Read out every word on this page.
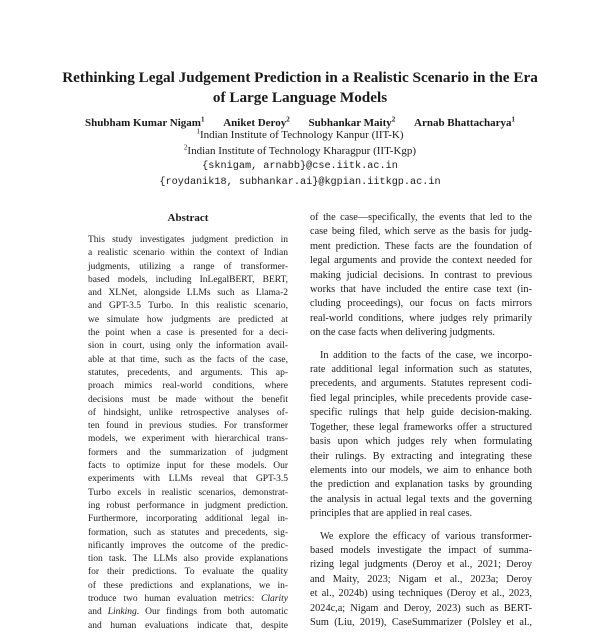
Rethinking Legal Judgement Prediction in a Realistic Scenario in the Era
of Large Language Models
Shubham Kumar Nigam$^1$ Aniket Deroy$^2$ Subhankar Maity$^2$ Arnab Bhattacharya$^1$
$^1$Indian Institute of Technology Kanpur (IIT-K)
$^2$Indian Institute of Technology Kharagpur (IIT-Kgp)
{sknigam, arnabb}@cse.iitk.ac.in
{roydanik18, subhankar.ai}@kgpian.iitkgp.ac.in
Abstract
This study investigates judgment prediction in
a realistic scenario within the context of Indian
judgments, utilizing a range of transformer-
based models, including InLegalBERT, BERT,
and XLNet, alongside LLMs such as Llama-2
and GPT-3.5 Turbo. In this realistic scenario,
we simulate how judgments are predicted at
the point when a case is presented for a deci-
sion in court, using only the information avail-
able at that time, such as the facts of the case,
statutes, precedents, and arguments. This ap-
proach mimics real-world conditions, where
decisions must be made without the benefit
of hindsight, unlike retrospective analyses of-
ten found in previous studies. For transformer
models, we experiment with hierarchical trans-
formers and the summarization of judgment
facts to optimize input for these models. Our
experiments with LLMs reveal that GPT-3.5
Turbo excels in realistic scenarios, demonstrat-
ing robust performance in judgment prediction.
Furthermore, incorporating additional legal in-
formation, such as statutes and precedents, sig-
nificantly improves the outcome of the predic-
tion task. The LLMs also provide explanations
for their predictions. To evaluate the quality
of these predictions and explanations, we in-
troduce two human evaluation metrics: Clarity
and Linking. Our findings from both automatic
and human evaluations indicate that, despite
of the case—specifically, the events that led to the
case being filed, which serve as the basis for judg-
ment prediction. These facts are the foundation of
legal arguments and provide the context needed for
making judicial decisions. In contrast to previous
works that have included the entire case text (in-
cluding proceedings), our focus on facts mirrors
real-world conditions, where judges rely primarily
on the case facts when delivering judgments.
In addition to the facts of the case, we incorpo-
rate additional legal information such as statutes,
precedents, and arguments. Statutes represent codi-
fied legal principles, while precedents provide case-
specific rulings that help guide decision-making.
Together, these legal frameworks offer a structured
basis upon which judges rely when formulating
their rulings. By extracting and integrating these
elements into our models, we aim to enhance both
the prediction and explanation tasks by grounding
the analysis in actual legal texts and the governing
principles that are applied in real cases.
We explore the efficacy of various transformer-
based models investigate the impact of summa-
rizing legal judgments (Deroy et al., 2021; Deroy
and Maity, 2023; Nigam et al., 2023a; Deroy
et al., 2024b) using techniques (Deroy et al., 2023,
2024c,a; Nigam and Deroy, 2023) such as BERT-
Sum (Liu, 2019), CaseSummarizer (Polsley et al.,
